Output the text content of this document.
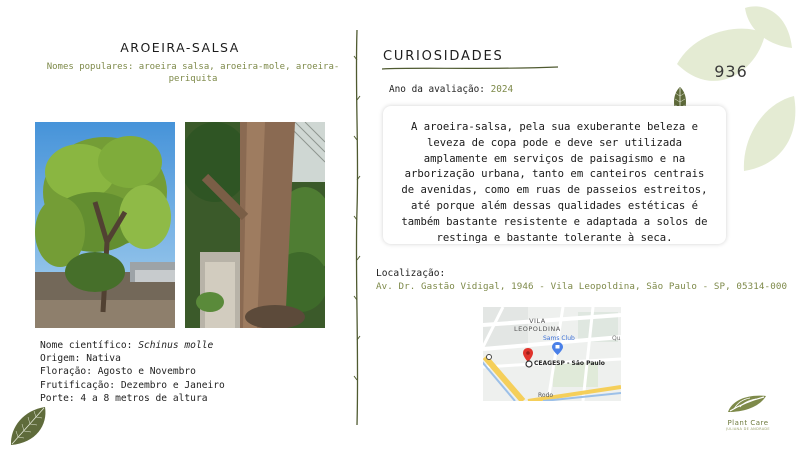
AROEIRA-SALSA
Nomes populares: aroeira salsa, aroeira-mole, aroeira-periquita
Nome científico: Schinus molle
Origem: Nativa
Floração: Agosto e Novembro
Frutificação: Dezembro e Janeiro
Porte: 4 a 8 metros de altura
CURIOSIDADES
Ano da avaliação: 2024

A aroeira-salsa, pela sua exuberante beleza e leveza de copa pode e deve ser utilizada amplamente em serviços de paisagismo e na arborização urbana, tanto em canteiros centrais de avenidas, como em ruas de passeios estreitos, até porque além dessas qualidades estéticas é também bastante resistente e adaptada a solos de restinga e bastante tolerante à seca.

Localização:
Av. Dr. Gastão Vidigal, 1946 - Vila Leopoldina, São Paulo - SP, 05314-000
VILA
LEOPOLDINA
Sams Club
CEAGESP - São Paulo
Rodo
Qu
936
Plant Care
JULIANA DE ANDRADE
